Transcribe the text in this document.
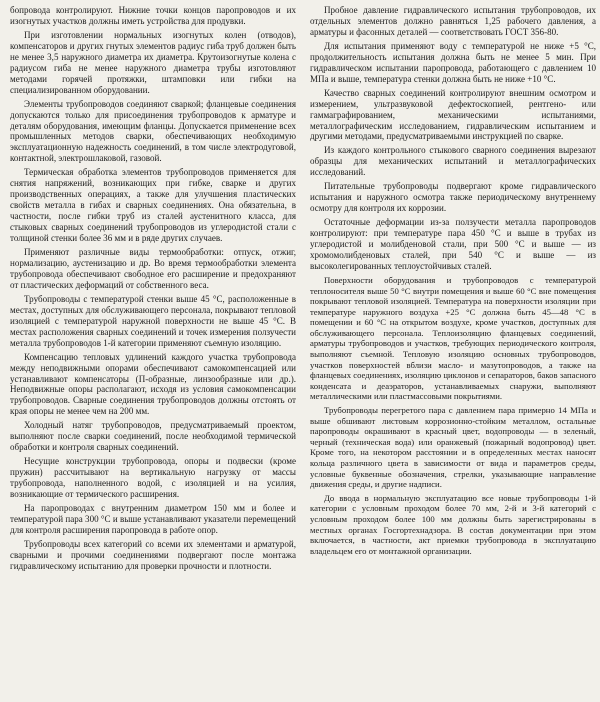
бопровода контролируют. Нижние точки концов паропроводов и их изогнутых участков должны иметь устройства для продувки.

При изготовлении нормальных изогнутых колен (отводов), компенсаторов и других гнутых элементов радиус гиба труб должен быть не менее 3,5 наружного диаметра их диаметра. Крутоизогнутые колена с радиусом гиба не менее наружного диаметра трубы изготовляют методами горячей протяжки, штамповки или гибки на специализированном оборудовании.

Элементы трубопроводов соединяют сваркой; фланцевые соединения допускаются только для присоединения трубопроводов к арматуре и деталям оборудования, имеющим фланцы. Допускается применение всех промышленных методов сварки, обеспечивающих необходимую эксплуатационную надежность соединений, в том числе электродуговой, контактной, электрошлаковой, газовой.

Термическая обработка элементов трубопроводов применяется для снятия напряжений, возникающих при гибке, сварке и других производственных операциях, а также для улучшения пластических свойств металла в гибах и сварных соединениях. Она обязательна, в частности, после гибки труб из сталей аустенитного класса, для стыковых сварных соединений трубопроводов из углеродистой стали с толщиной стенки более 36 мм и в ряде других случаев.

Применяют различные виды термообработки: отпуск, отжиг, нормализацию, аустенизацию и др. Во время термообработки элемента трубопровода обеспечивают свободное его расширение и предохраняют от пластических деформаций от собственного веса.

Трубопроводы с температурой стенки выше 45 °С, расположенные в местах, доступных для обслуживающего персонала, покрывают тепловой изоляцией с температурой наружной поверхности не выше 45 °С. В местах расположения сварных соединений и точек измерения ползучести металла трубопроводов 1-й категории применяют съемную изоляцию.

Компенсацию тепловых удлинений каждого участка трубопровода между неподвижными опорами обеспечивают самокомпенсацией или устанавливают компенсаторы (П-образные, линзообразные или др.). Неподвижные опоры располагают, исходя из условия самокомпенсации трубопроводов. Сварные соединения трубопроводов должны отстоять от края опоры не менее чем на 200 мм.

Холодный натяг трубопроводов, предусматриваемый проектом, выполняют после сварки соединений, после необходимой термической обработки и контроля сварных соединений.

Несущие конструкции трубопровода, опоры и подвески (кроме пружин) рассчитывают на вертикальную нагрузку от массы трубопровода, наполненного водой, с изоляцией и на усилия, возникающие от термического расширения.

На паропроводах с внутренним диаметром 150 мм и более и температурой пара 300 °С и выше устанавливают указатели перемещений для контроля расширения паропровода в работе опор.

Трубопроводы всех категорий со всеми их элементами и арматурой, сварными и прочими соединениями подвергают после монтажа гидравлическому испытанию для проверки прочности и плотности.

Пробное давление гидравлического испытания трубопроводов, их отдельных элементов должно равняться 1,25 рабочего давления, а арматуры и фасонных деталей — соответствовать ГОСТ 356-80.

Для испытания применяют воду с температурой не ниже +5 °С, продолжительность испытания должна быть не менее 5 мин. При гидравлическом испытании паропровода, работающего с давлением 10 МПа и выше, температура стенки должна быть не ниже +10 °С.

Качество сварных соединений контролируют внешним осмотром и измерением, ультразвуковой дефектоскопией, рентгено- или гаммаграфированием, механическими испытаниями, металлографическим исследованием, гидравлическим испытанием и другими методами, предусматриваемыми инструкцией по сварке.

Из каждого контрольного стыкового сварного соединения вырезают образцы для механических испытаний и металлографических исследований.

Питательные трубопроводы подвергают кроме гидравлического испытания и наружного осмотра также периодическому внутреннему осмотру для контроля их коррозии.

Остаточные деформации из-за ползучести металла паропроводов контролируют: при температуре пара 450 °С и выше в трубах из углеродистой и молибденовой стали, при 500 °С и выше — из хромомолибденовых сталей, при 540 °С и выше — из высоколегированных теплоустойчивых сталей.

Поверхности оборудования и трубопроводов с температурой теплоносителя выше 50 °С внутри помещения и выше 60 °С вне помещения покрывают тепловой изоляцией. Температура на поверхности изоляции при температуре наружного воздуха +25 °С должна быть 45—48 °С в помещении и 60 °С на открытом воздухе, кроме участков, доступных для обслуживающего персонала. Теплоизоляцию фланцевых соединений, арматуры трубопроводов и участков, требующих периодического контроля, выполняют съемной. Тепловую изоляцию основных трубопроводов, участков поверхностей вблизи масло- и мазутопроводов, а также на фланцевых соединениях, изоляцию циклонов и сепараторов, баков запасного конденсата и деаэраторов, устанавливаемых снаружи, выполняют металлическими или пластмассовыми покрытиями.

Трубопроводы перегретого пара с давлением пара примерно 14 МПа и выше обшивают листовым коррозионно-стойким металлом, остальные паропроводы окрашивают в красный цвет, водопроводы — в зеленый, черный (техническая вода) или оранжевый (пожарный водопровод) цвет. Кроме того, на некотором расстоянии и в определенных местах наносят кольца различного цвета в зависимости от вида и параметров среды, условные буквенные обозначения, стрелки, указывающие направление движения среды, и другие надписи.

До ввода в нормальную эксплуатацию все новые трубопроводы 1-й категории с условным проходом более 70 мм, 2-й и 3-й категорий с условным проходом более 100 мм должны быть зарегистрированы в местных органах Госгортехнадзора. В состав документации при этом включается, в частности, акт приемки трубопровода в эксплуатацию владельцем его от монтажной организации.
